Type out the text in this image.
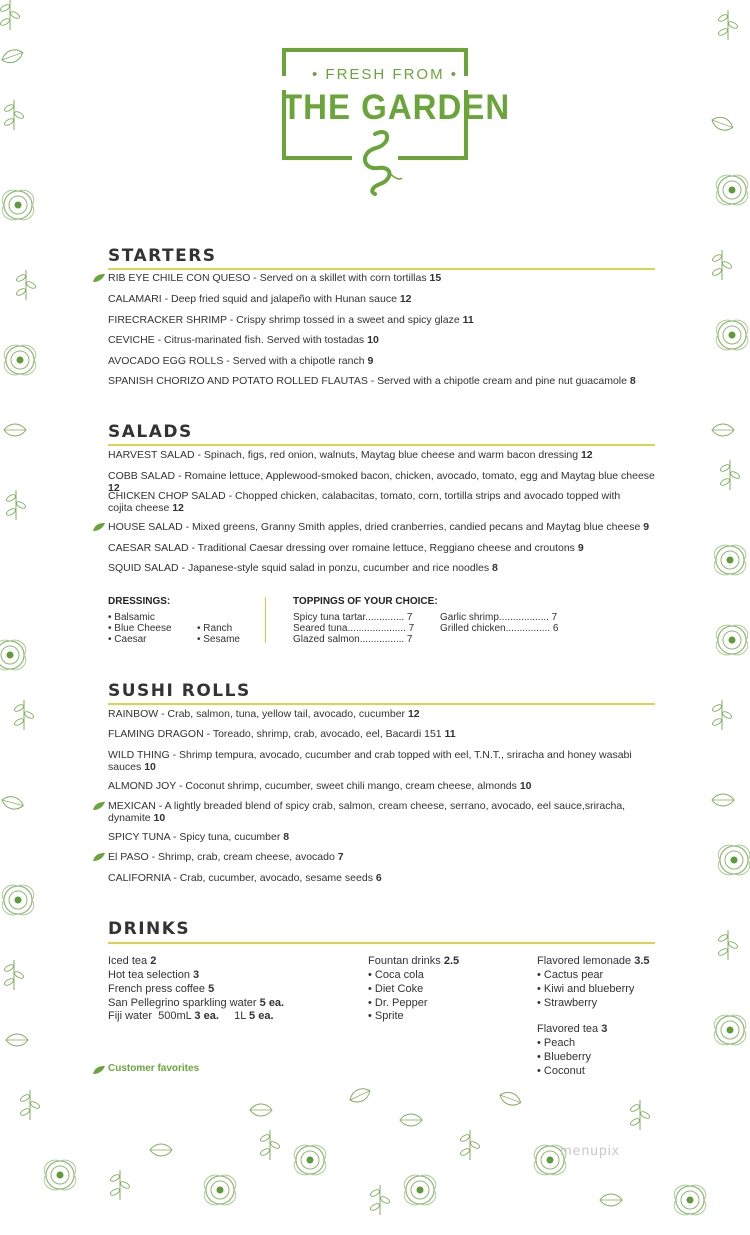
• FRESH FROM •
THE GARDEN
STARTERS
RIB EYE CHILE CON QUESO - Served on a skillet with corn tortillas 15
CALAMARI - Deep fried squid and jalapeño with Hunan sauce 12
FIRECRACKER SHRIMP - Crispy shrimp tossed in a sweet and spicy glaze 11
CEVICHE - Citrus-marinated fish. Served with tostadas 10
AVOCADO EGG ROLLS - Served with a chipotle ranch 9
SPANISH CHORIZO AND POTATO ROLLED FLAUTAS - Served with a chipotle cream and pine nut guacamole 8
SALADS
HARVEST SALAD - Spinach, figs, red onion, walnuts, Maytag blue cheese and warm bacon dressing 12
COBB SALAD - Romaine lettuce, Applewood-smoked bacon, chicken, avocado, tomato, egg and Maytag blue cheese 12
CHICKEN CHOP SALAD - Chopped chicken, calabacitas, tomato, corn, tortilla strips and avocado topped with cojita cheese 12
HOUSE SALAD - Mixed greens, Granny Smith apples, dried cranberries, candied pecans and Maytag blue cheese 9
CAESAR SALAD - Traditional Caesar dressing over romaine lettuce, Reggiano cheese and croutons 9
SQUID SALAD - Japanese-style squid salad in ponzu, cucumber and rice noodles 8
DRESSINGS:
• Balsamic
• Blue Cheese
• Caesar
• Ranch
• Sesame
TOPPINGS OF YOUR CHOICE:
Spicy tuna tartar.............. 7
Seared tuna..................... 7
Glazed salmon................ 7
Garlic shrimp.................. 7
Grilled chicken................ 6
SUSHI ROLLS
RAINBOW - Crab, salmon, tuna, yellow tail, avocado, cucumber 12
FLAMING DRAGON - Toreado, shrimp, crab, avocado, eel, Bacardi 151 11
WILD THING - Shrimp tempura, avocado, cucumber and crab topped with eel, T.N.T., sriracha and honey wasabi sauces 10
ALMOND JOY - Coconut shrimp, cucumber, sweet chili mango, cream cheese, almonds 10
MEXICAN - A lightly breaded blend of spicy crab, salmon, cream cheese, serrano, avocado, eel sauce,sriracha, dynamite 10
SPICY TUNA - Spicy tuna, cucumber 8
El PASO - Shrimp, crab, cream cheese, avocado 7
CALIFORNIA - Crab, cucumber, avocado, sesame seeds 6
DRINKS
Iced tea 2
Hot tea selection 3
French press coffee 5
San Pellegrino sparkling water 5 ea.
Fiji water  500mL 3 ea.     1L 5 ea.
Fountan drinks 2.5
• Coca cola
• Diet Coke
• Dr. Pepper
• Sprite
Flavored lemonade 3.5
• Cactus pear
• Kiwi and blueberry
• Strawberry
Flavored tea 3
• Peach
• Blueberry
• Coconut
Customer favorites
menupix
